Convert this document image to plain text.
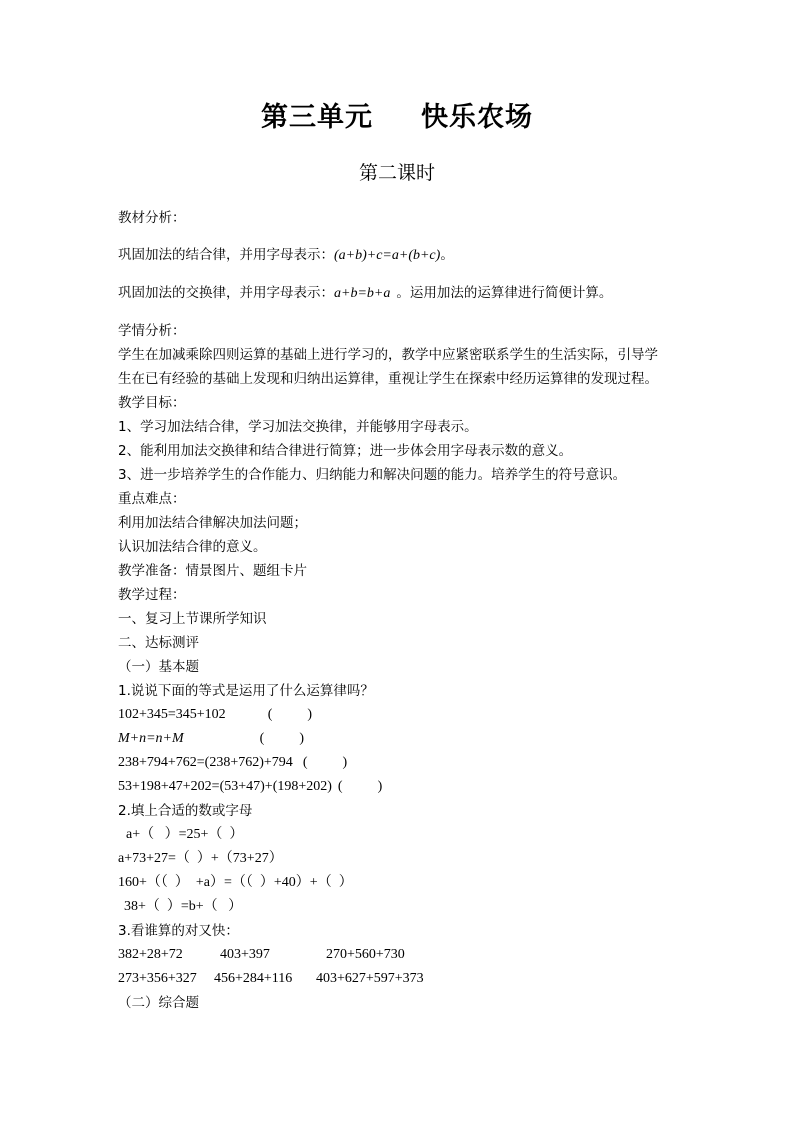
第三单元 快乐农场
第二课时
教材分析：
巩固加法的结合律，并用字母表示：(a+b)+c=a+(b+c)。
巩固加法的交换律，并用字母表示：a+b=b+a 。运用加法的运算律进行简便计算。
学情分析：
学生在加减乘除四则运算的基础上进行学习的，教学中应紧密联系学生的生活实际，引导学
生在已有经验的基础上发现和归纳出运算律，重视让学生在探索中经历运算律的发现过程。
教学目标：
1、学习加法结合律，学习加法交换律，并能够用字母表示。
2、能利用加法交换律和结合律进行简算；进一步体会用字母表示数的意义。
3、进一步培养学生的合作能力、归纳能力和解决问题的能力。培养学生的符号意识。
重点难点：
利用加法结合律解决加法问题；
认识加法结合律的意义。
教学准备：情景图片、题组卡片
教学过程：
一、复习上节课所学知识
二、达标测评
（一）基本题
1.说说下面的等式是运用了什么运算律吗？
102+345=345+102	(          )
M+n=n+M	(          )
238+794+762=(238+762)+794 (          )
53+198+47+202=(53+47)+(198+202) (          )
2.填上合适的数或字母
a+（   ）=25+（  ）
a+73+27=（  ）+（73+27）
160+（（  ）  +a）=（（  ）+40）+（  ）
38+（  ）=b+（   ）
3.看谁算的对又快：
382+28+72	403+397	270+560+730
273+356+327 456+284+116 403+627+597+373
（二）综合题
